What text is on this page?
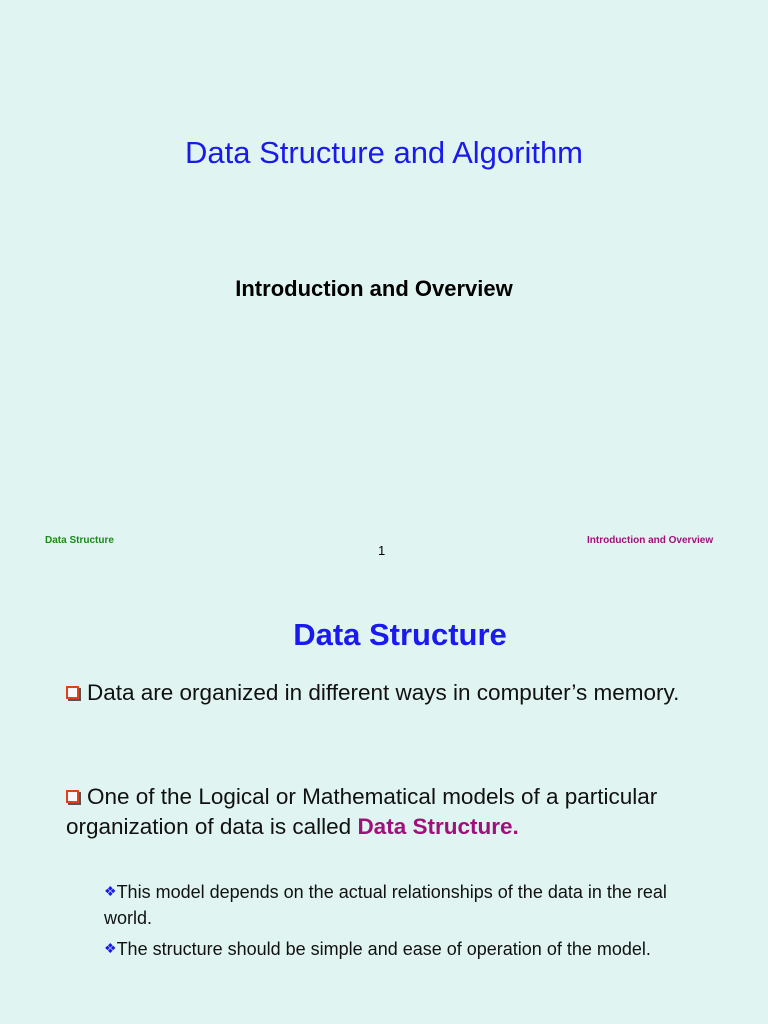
Data Structure and Algorithm
Introduction and Overview
Data Structure
1
Introduction and Overview
Data Structure
Data are organized in different ways in computer’s memory.
One of the Logical or Mathematical models of a particular organization of data is called Data Structure.
❖This model depends on the actual relationships of the data in the real world.
❖The structure should be simple and ease of operation of the model.
